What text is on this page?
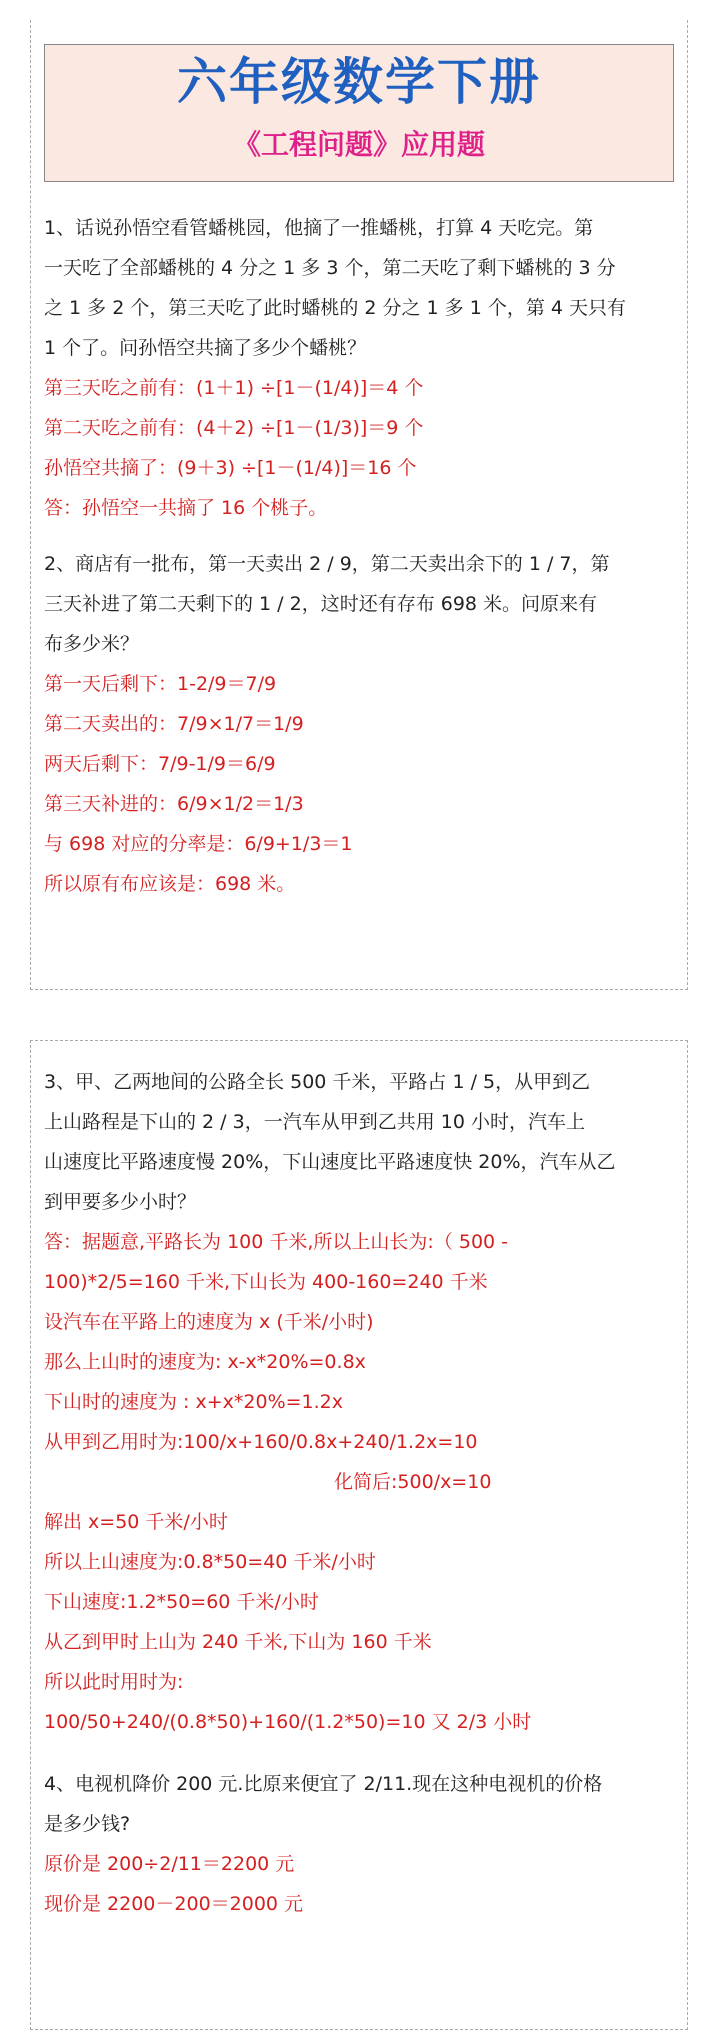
六年级数学下册
《工程问题》应用题
1、话说孙悟空看管蟠桃园，他摘了一推蟠桃，打算 4 天吃完。第
一天吃了全部蟠桃的 4 分之 1 多 3 个，第二天吃了剩下蟠桃的 3 分
之 1 多 2 个，第三天吃了此时蟠桃的 2 分之 1 多 1 个，第 4 天只有
1 个了。问孙悟空共摘了多少个蟠桃？
第三天吃之前有：(1＋1) ÷[1－(1/4)]＝4 个
第二天吃之前有：(4＋2) ÷[1－(1/3)]＝9 个
孙悟空共摘了：(9＋3) ÷[1－(1/4)]＝16 个
答：孙悟空一共摘了 16 个桃子。
2、商店有一批布，第一天卖出 2 / 9，第二天卖出余下的 1 / 7，第
三天补进了第二天剩下的 1 / 2，这时还有存布 698 米。问原来有
布多少米？
第一天后剩下：1-2/9＝7/9
第二天卖出的：7/9×1/7＝1/9
两天后剩下：7/9-1/9＝6/9
第三天补进的：6/9×1/2＝1/3
与 698 对应的分率是：6/9+1/3＝1
所以原有布应该是：698 米。
3、甲、乙两地间的公路全长 500 千米，平路占 1 / 5，从甲到乙
上山路程是下山的 2 / 3，一汽车从甲到乙共用 10 小时，汽车上
山速度比平路速度慢 20%，下山速度比平路速度快 20%，汽车从乙
到甲要多少小时？
答：据题意,平路长为 100 千米,所以上山长为:（ 500 -
100)*2/5=160 千米,下山长为 400-160=240 千米
设汽车在平路上的速度为 x (千米/小时)
那么上山时的速度为: x-x*20%=0.8x
下山时的速度为 : x+x*20%=1.2x
从甲到乙用时为:100/x+160/0.8x+240/1.2x=10
化简后:500/x=10
解出 x=50 千米/小时
所以上山速度为:0.8*50=40 千米/小时
下山速度:1.2*50=60 千米/小时
从乙到甲时上山为 240 千米,下山为 160 千米
所以此时用时为:
100/50+240/(0.8*50)+160/(1.2*50)=10 又 2/3 小时
4、电视机降价 200 元.比原来便宜了 2/11.现在这种电视机的价格
是多少钱?
原价是 200÷2/11＝2200 元
现价是 2200－200＝2000 元
